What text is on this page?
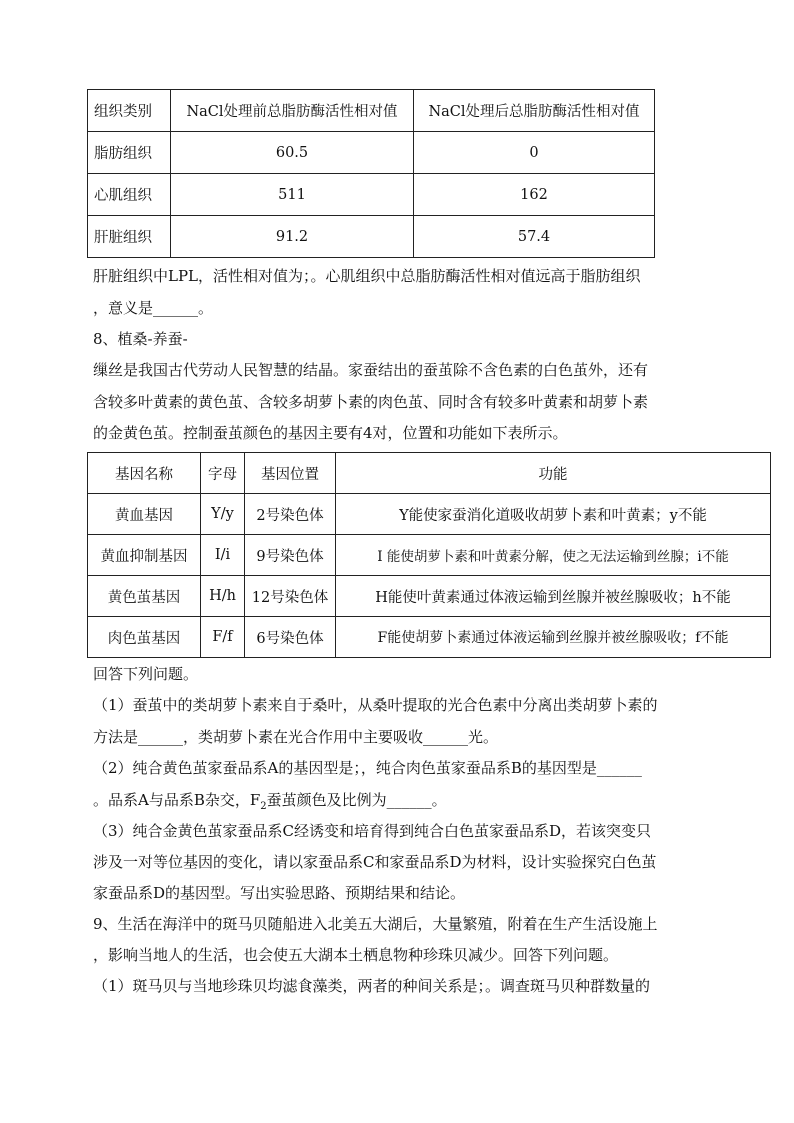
组织类别	NaCl处理前总脂肪酶活性相对值	NaCl处理后总脂肪酶活性相对值
脂肪组织	60.5	0
心肌组织	511	162
肝脏组织	91.2	57.4
肝脏组织中LPL，活性相对值为；。心肌组织中总脂肪酶活性相对值远高于脂肪组织
，意义是______。
8、植桑-养蚕-
缫丝是我国古代劳动人民智慧的结晶。家蚕结出的蚕茧除不含色素的白色茧外，还有
含较多叶黄素的黄色茧、含较多胡萝卜素的肉色茧、同时含有较多叶黄素和胡萝卜素
的金黄色茧。控制蚕茧颜色的基因主要有4对，位置和功能如下表所示。
基因名称	字母	基因位置	功能
黄血基因	Y/y	2号染色体	Y能使家蚕消化道吸收胡萝卜素和叶黄素；y不能
黄血抑制基因	I/i	9号染色体	I 能使胡萝卜素和叶黄素分解，使之无法运输到丝腺；i不能
黄色茧基因	H/h	12号染色体	H能使叶黄素通过体液运输到丝腺并被丝腺吸收；h不能
肉色茧基因	F/f	6号染色体	F能使胡萝卜素通过体液运输到丝腺并被丝腺吸收；f不能
回答下列问题。
（1）蚕茧中的类胡萝卜素来自于桑叶，从桑叶提取的光合色素中分离出类胡萝卜素的
方法是______，类胡萝卜素在光合作用中主要吸收______光。
（2）纯合黄色茧家蚕品系A的基因型是；，纯合肉色茧家蚕品系B的基因型是______
。品系A与品系B杂交，$F_2$蚕茧颜色及比例为______。
（3）纯合金黄色茧家蚕品系C经诱变和培育得到纯合白色茧家蚕品系D，若该突变只
涉及一对等位基因的变化，请以家蚕品系C和家蚕品系D为材料，设计实验探究白色茧
家蚕品系D的基因型。写出实验思路、预期结果和结论。
9、生活在海洋中的斑马贝随船进入北美五大湖后，大量繁殖，附着在生产生活设施上
，影响当地人的生活，也会使五大湖本土栖息物种珍珠贝减少。回答下列问题。
（1）斑马贝与当地珍珠贝均滤食藻类，两者的种间关系是；。调查斑马贝种群数量的
